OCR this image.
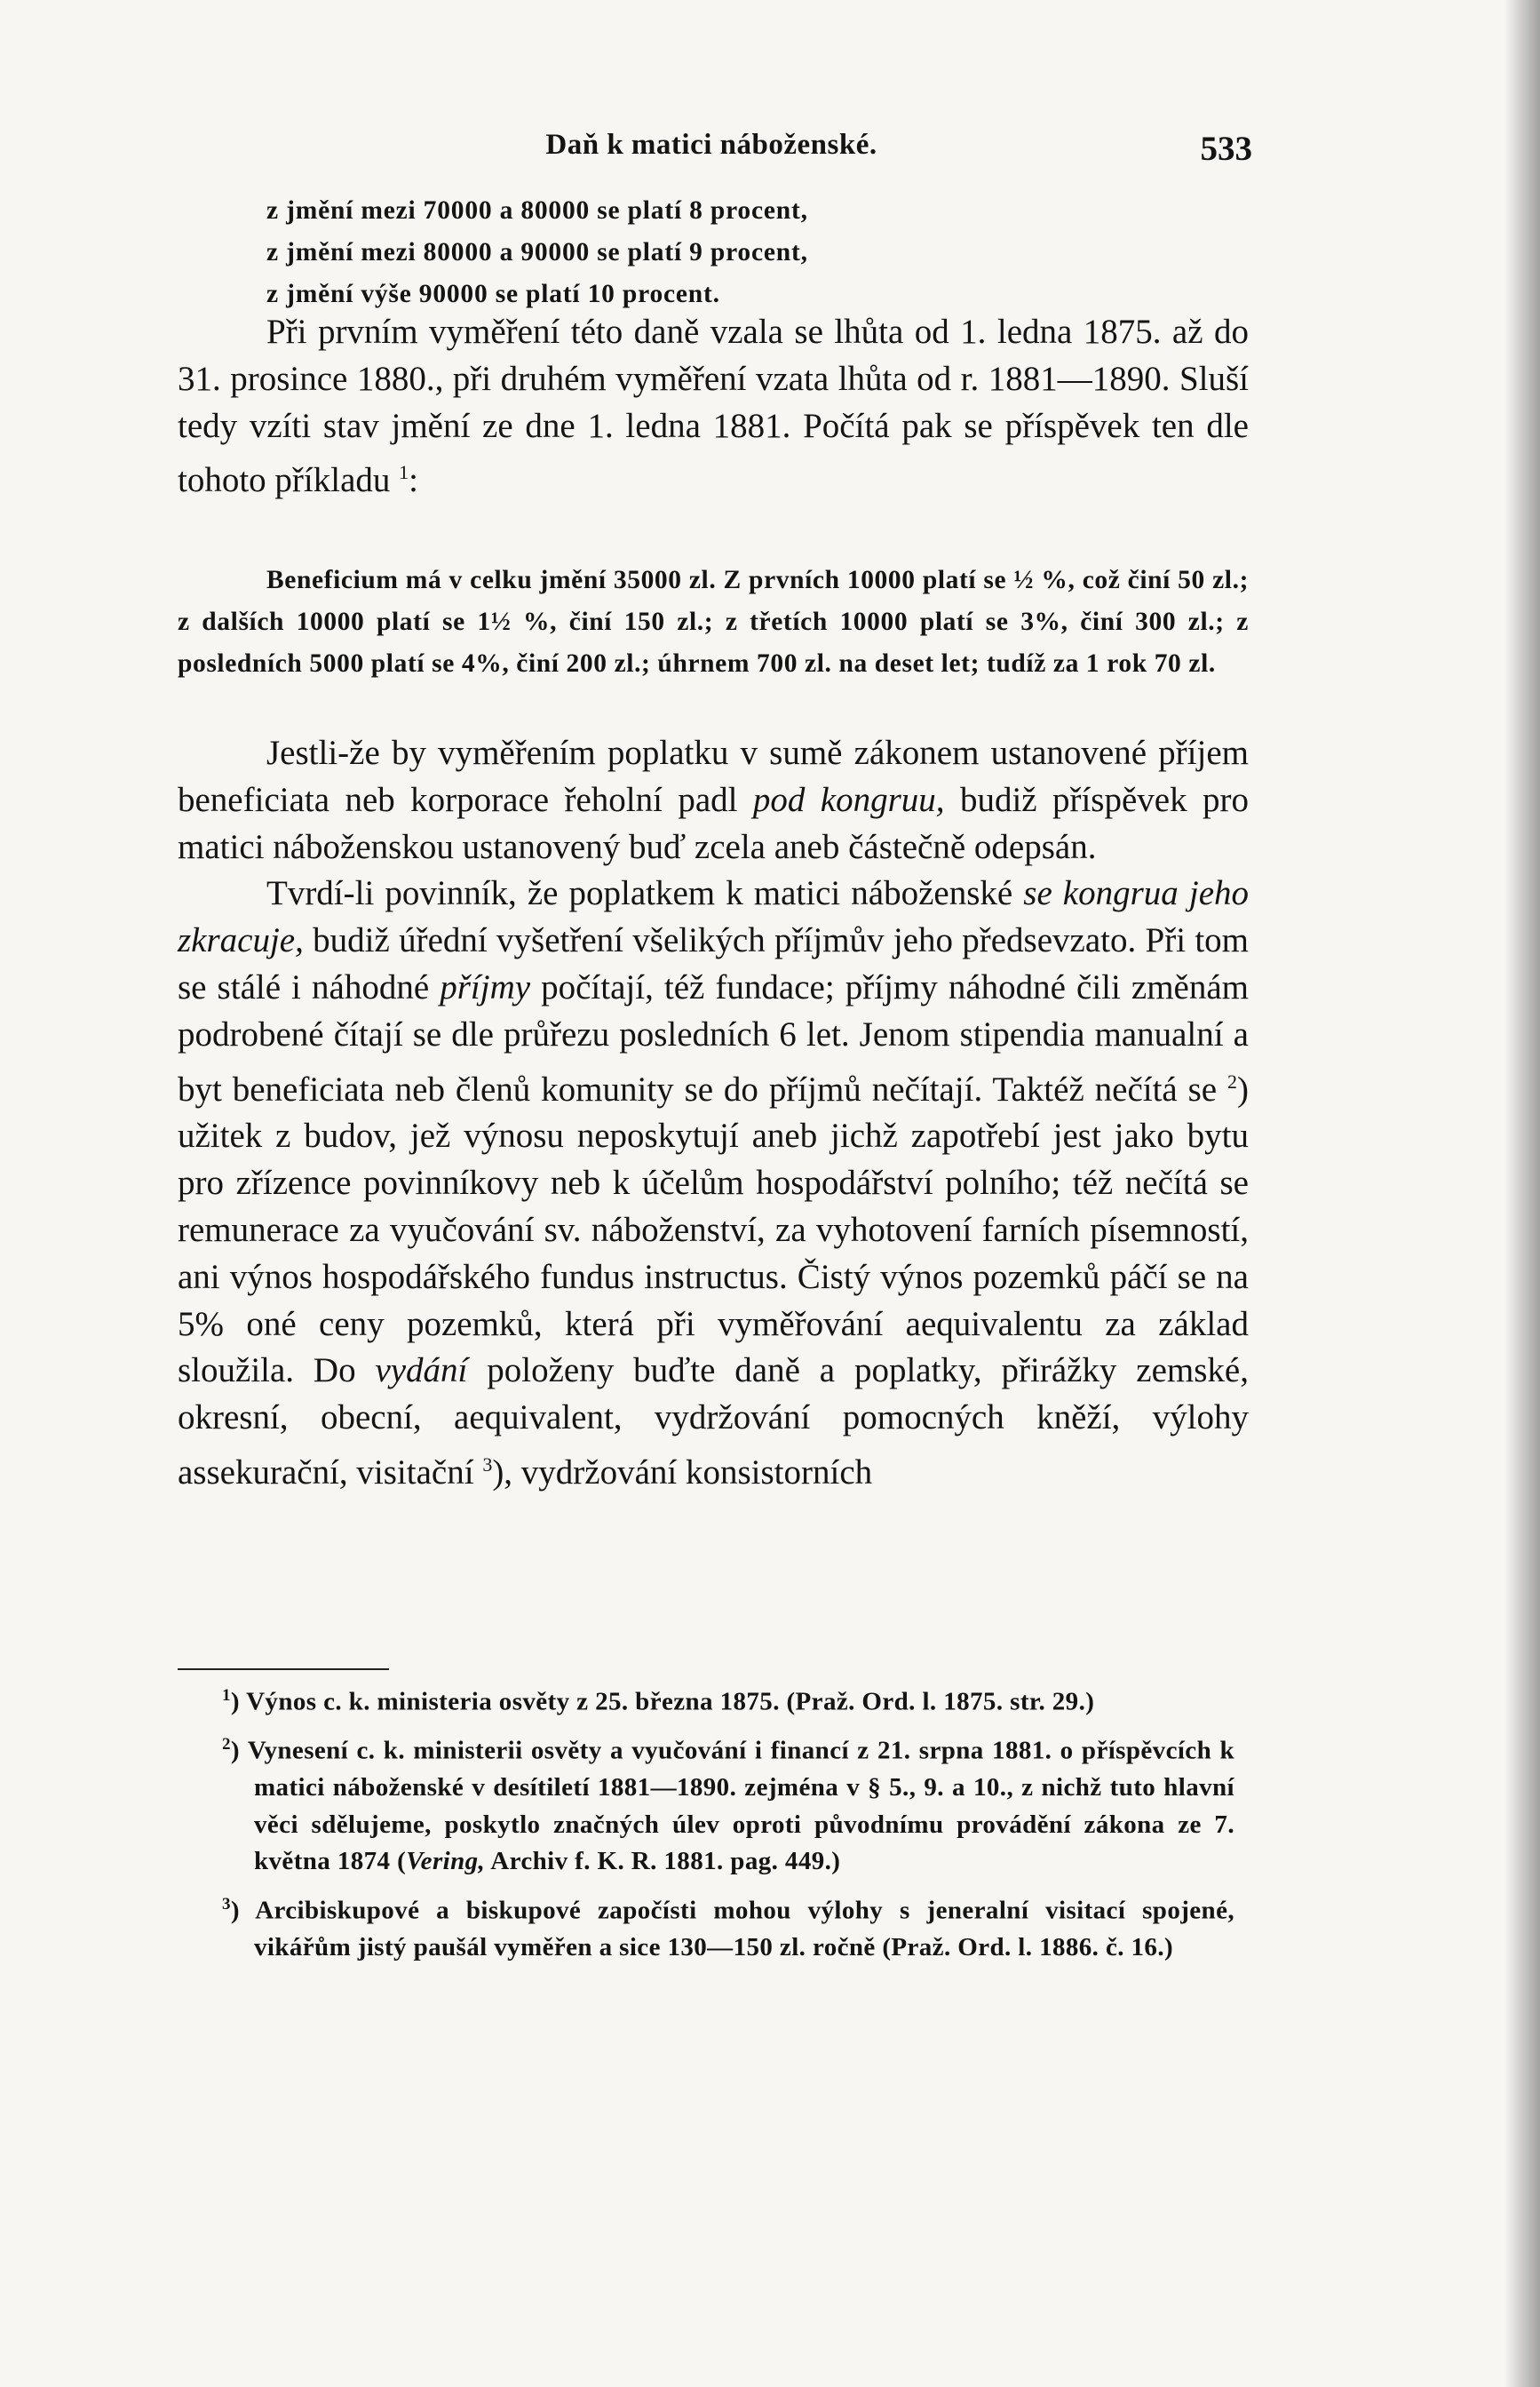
Daň k matici náboženské.	533
z jmění mezi 70000 a 80000 se platí 8 procent,
z jmění mezi 80000 a 90000 se platí 9 procent,
z jmění výše 90000 se platí 10 procent.

Při prvním vyměření této daně vzala se lhůta od 1. ledna 1875. až do 31. prosince 1880., při druhém vyměření vzata lhůta od r. 1881—1890. Sluší tedy vzíti stav jmění ze dne 1. ledna 1881. Počítá pak se příspěvek ten dle tohoto příkladu $^1$:

Beneficium má v celku jmění 35000 zl. Z prvních 10000 platí se ½ %, což činí 50 zl.; z dalších 10000 platí se 1½ %, činí 150 zl.; z třetích 10000 platí se 3%, činí 300 zl.; z posledních 5000 platí se 4%, činí 200 zl.; úhrnem 700 zl. na deset let; tudíž za 1 rok 70 zl.

Jestli-že by vyměřením poplatku v sumě zákonem ustanovené příjem beneficiata neb korporace řeholní padl pod kongruu, budiž příspěvek pro matici náboženskou ustanovený buď zcela aneb částečně odepsán.

Tvrdí-li povinník, že poplatkem k matici náboženské se kongrua jeho zkracuje, budiž úřední vyšetření všelikých příjmův jeho předsevzato. Při tom se stálé i náhodné příjmy počítají, též fundace; příjmy náhodné čili změnám podrobené čítají se dle průřezu posledních 6 let. Jenom stipendia manualní a byt beneficiata neb členů komunity se do příjmů nečítají. Taktéž nečítá se $^2$) užitek z budov, jež výnosu neposkytují aneb jichž zapotřebí jest jako bytu pro zřízence povinníkovy neb k účelům hospodářství polního; též nečítá se remunerace za vyučování sv. náboženství, za vyhotovení farních písemností, ani výnos hospodářského fundus instructus. Čistý výnos pozemků páčí se na 5% oné ceny pozemků, která při vyměřování aequivalentu za základ sloužila. Do vydání položeny buďte daně a poplatky, přirážky zemské, okresní, obecní, aequivalent, vydržování pomocných kněží, výlohy assekurační, visitační $^3$), vydržování konsistorních

$^1$) Výnos c. k. ministeria osvěty z 25. března 1875. (Praž. Ord. l. 1875. str. 29.)

$^2$) Vynesení c. k. ministerii osvěty a vyučování i financí z 21. srpna 1881. o příspěvcích k matici náboženské v desítiletí 1881—1890. zejména v § 5., 9. a 10., z nichž tuto hlavní věci sdělujeme, poskytlo značných úlev oproti původnímu provádění zákona ze 7. května 1874 (Vering, Archiv f. K. R. 1881. pag. 449.)

$^3$) Arcibiskupové a biskupové započísti mohou výlohy s jeneralní visitací spojené, vikářům jistý paušál vyměřen a sice 130—150 zl. ročně (Praž. Ord. l. 1886. č. 16.)
